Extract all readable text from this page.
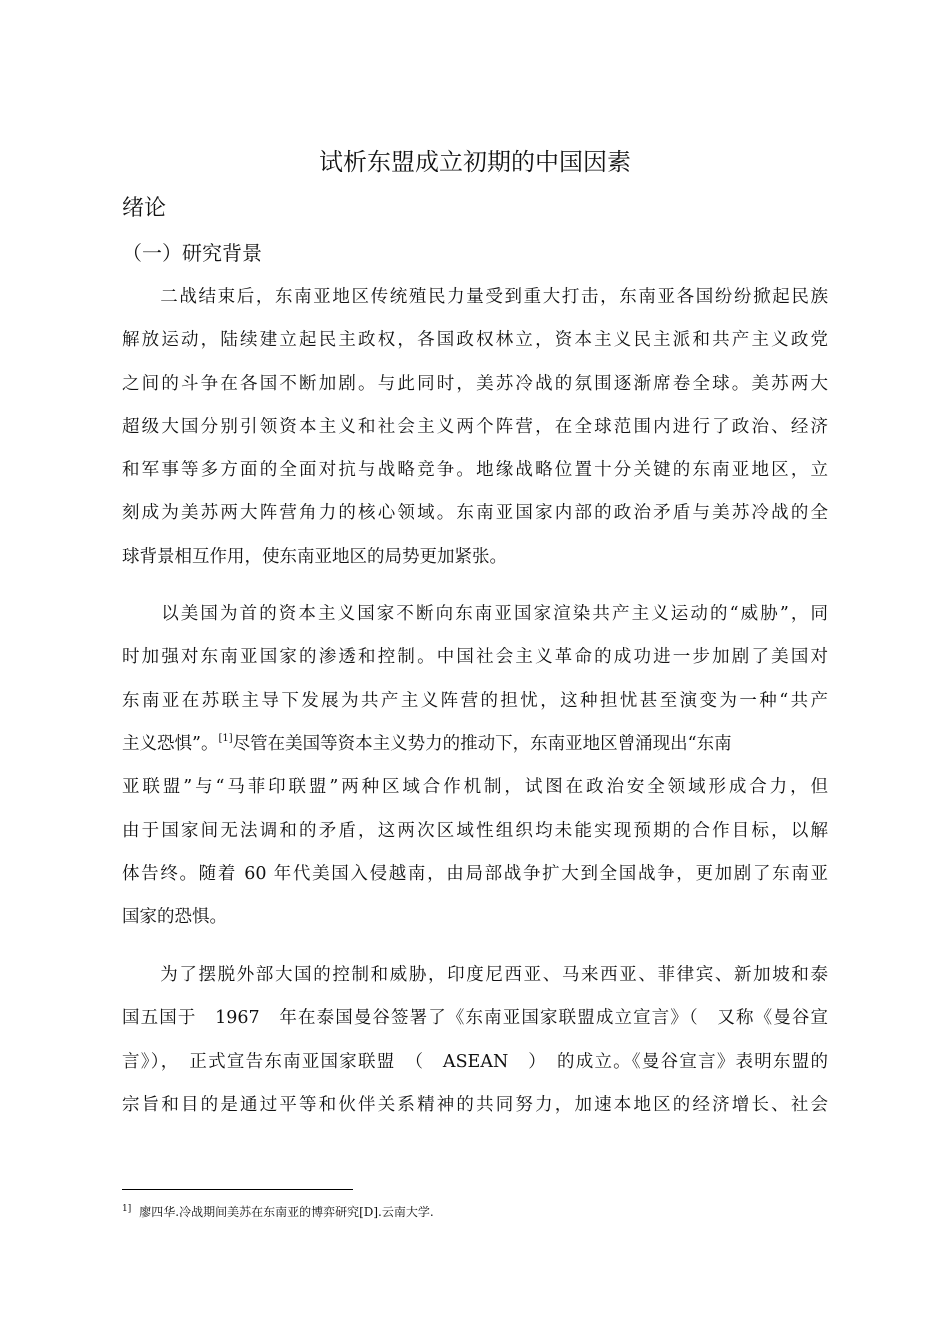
试析东盟成立初期的中国因素
绪论
（一）研究背景
　　二战结束后，东南亚地区传统殖民力量受到重大打击，东南亚各国纷纷掀起民族
解放运动，陆续建立起民主政权，各国政权林立，资本主义民主派和共产主义政党
之间的斗争在各国不断加剧。与此同时，美苏冷战的氛围逐渐席卷全球。美苏两大
超级大国分别引领资本主义和社会主义两个阵营，在全球范围内进行了政治、经济
和军事等多方面的全面对抗与战略竞争。地缘战略位置十分关键的东南亚地区，立
刻成为美苏两大阵营角力的核心领域。东南亚国家内部的政治矛盾与美苏冷战的全
球背景相互作用，使东南亚地区的局势更加紧张。
　　以美国为首的资本主义国家不断向东南亚国家渲染共产主义运动的“威胁”，同
时加强对东南亚国家的渗透和控制。中国社会主义革命的成功进一步加剧了美国对
东南亚在苏联主导下发展为共产主义阵营的担忧，这种担忧甚至演变为一种“共产
主义恐惧”。[1]尽管在美国等资本主义势力的推动下，东南亚地区曾涌现出“东南
亚联盟”与“马菲印联盟”两种区域合作机制，试图在政治安全领域形成合力，但
由于国家间无法调和的矛盾，这两次区域性组织均未能实现预期的合作目标，以解
体告终。随着 60 年代美国入侵越南，由局部战争扩大到全国战争，更加剧了东南亚
国家的恐惧。
　　为了摆脱外部大国的控制和威胁，印度尼西亚、马来西亚、菲律宾、新加坡和泰
国五国于　1967　年在泰国曼谷签署了《东南亚国家联盟成立宣言》（　又称《曼谷宣
言》），　正式宣告东南亚国家联盟　（　ASEAN　）　的成立。《曼谷宣言》表明东盟的
宗旨和目的是通过平等和伙伴关系精神的共同努力，加速本地区的经济增长、社会
$^{1]}$ 廖四华.冷战期间美苏在东南亚的博弈研究[D].云南大学.
